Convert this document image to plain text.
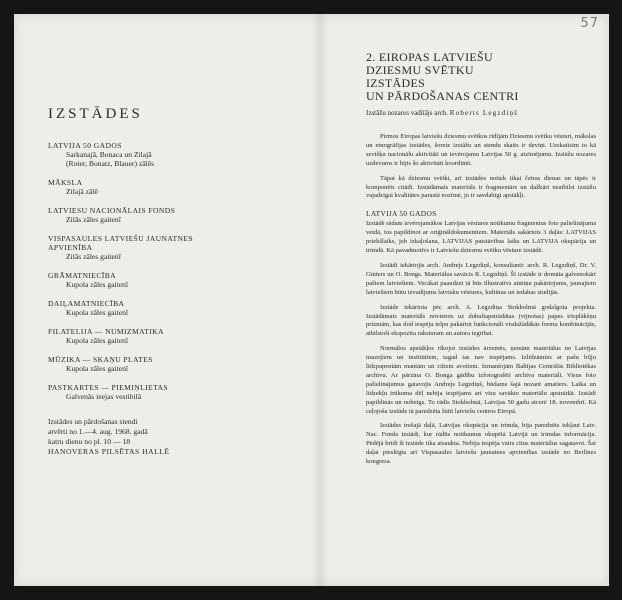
57
IZSTĀDES
LATVIJA 50 GADOS
Sarkanajā, Bonaca un Zilajā
(Roter, Bonatz, Blauer) zālēs
MĀKSLA
Zilajā zālē
LATVIESU NACIONĀLAIS FONDS
Zilās zāles gaitenī
VISPASAULES LATVIEŠU JAUNATNES
APVIENĪBA
Zilās zāles gaitenī
GRĀMATNIECĪBA
Kupola zāles gaitenī
DAIĻAMATNIECĪBA
Kupola zāles gaitenī
FILATELIJA — NUMIZMATIKA
Kupola zāles gaitenī
MŪZIKA — SKAŅU PLATES
Kupola zāles gaitenī
PASTKARTES — PIEMIŅLIETAS
Galvenās ieejas vestibilā
Izstādes un pārdošanas stendi
atvērti no 1.—4. aug. 1968. gadā
katru dienu no pl. 10 — 18
HANOVERAS PILSĒTAS HALLĒ
2. EIROPAS LATVIEŠU
DZIESMU SVĒTKU
IZSTĀDES
UN PĀRDOŠANAS CENTRI
Izstāžu nozares vadītājs arch. Roberts Legzdiņš

Pirmos Eiropas latviešu dziesmu svētkos rīdījām Dziesmu svētku vēsturi, mākslas un etnogrāfijas izstādes, šoreiz izstāžu un stendu skaits ir deviņi. Uzskatīsim to kā sevišķu nacionālu aktivitāti un ievērojamu Latvijas 50 g. atzīmējumu. Izstāžu nozares uzdevums ir bijis šo aktivitāti koordinēt.

Tāpat kā dziesmu svētki, arī izstādes notiek tikai četras dienas un tāpēc ir komponēts citādi. Izstādāmais materiāls ir fragmentārs un dažkārt neatbilst izstāžu vajadzīgai kvalitātes parastā nozīmē, jo ir savdabīgi apstākļi.

LATVIJA 50 GADOS

Izstādē rādam ievērojamākos Latvijas vēstures notikumu fragmentus foto palielinājuma veidā, tos papildinot ar oriģināldokumentiem. Materiāls sakārtots 3 daļās: LATVIJAS priekšlaiks, jeb izkaļošana, LATVIJAS patstāvības laiks un LATVIJA okupācija un trimdā. Kā pavadmotīvs ir Latviešu dziesmu svētku vēsture izstādē.

Izstādi iekārtojis arch. Andrejs Legzdiņš, konsultanti: arch. R. Legzdiņš, Dr. V. Ginters un O. Bongs. Materiālus savācis R. Legzdiņš. Šī izstāde ir domāta galvenokārt pašiem latviešiem. Vecākai paaudzei tā būs illustratīvs atmiņu pakārtojums, jaunajiem latviešiem būtu ievadījums latvisku vēstures, kultūras un iedabas studijās.

Izstāde iekārtota pēc arch. A. Legzdiņa Stokholmā godalgota projekta. Izstādāmais materiāls novietots uz dubultapstrādātas (vijnotas) papes trīsplākšņu prizmām, kas dod iespēju telpu pakārtot funkcionāli visdažādākās formu kombinācijās, atbilstoši ekspozīta raksturam un autora iegribai.

Normālos apstākļos rīkojot izstādes ārzemēs, ņemām materiālus no Latvijas muzejiem un institūtiem, tagad tas nav iespējams. Izlīdzāmies ar pašu biļju līdzpapentām mantām un citiem avotiem. Izmantojām Baltijas Centrālās Bibliotēkas archīvu. Ar pārzina O. Bonga gādību izfotografēti archīva materiāli. Visus foto palielinājumus gatavojis Andrejs Legzdiņš, būdams šajā nozarē amatiers. Laika un līdzekļu trūkuma dēļ nebija iespējams arī visu savākto materiālu apstrādāt. Izstādi papildinās un nobeigs. To rādīs Stokholmā, Latvijas 50 gadu atcerē 18. novembrī. Kā ceļojoša izstāde tā paredzēta šūtīt latviešu centros Eiropā.

Izstādes trešajā daļā, Latvijas okupācija un trimda, bija paredzēts iekļaut Latv. Nac. Fonda izstādi, kur rādīts notikumus okupētā Latvijā un trimdas informācija. Pēdējā brīdī šī izstāde tika atsaukta. Nebija iespēja vairs citus materiālus sagatavot. Šai daļai pieslēgta arī Vispasaules latviešu jaunatnes apvienības izstāde no Berlīnes kongresa.
